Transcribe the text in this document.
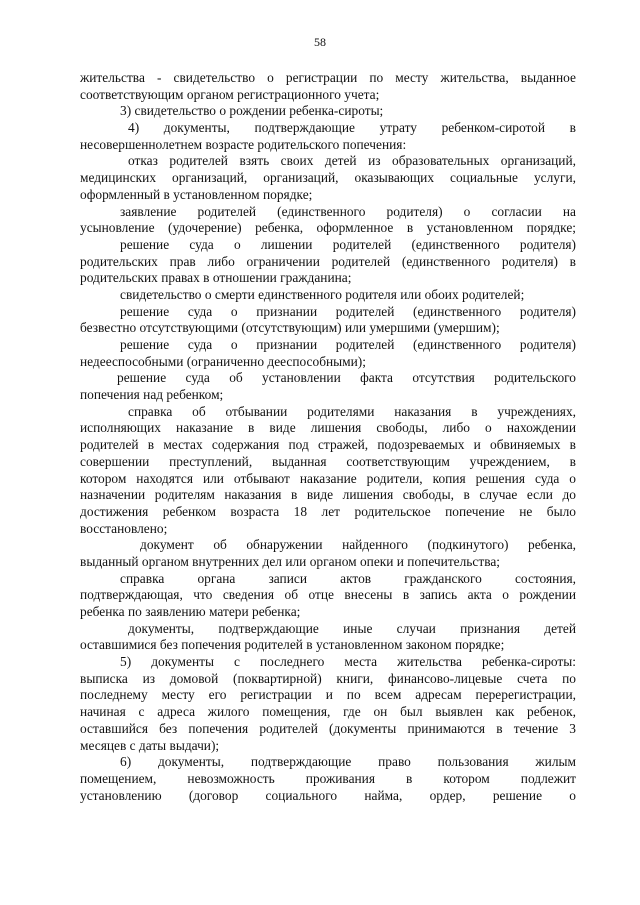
58
жительства - свидетельство о регистрации по месту жительства, выданное
соответствующим органом регистрационного учета;
3) свидетельство о рождении ребенка-сироты;
4) документы, подтверждающие утрату ребенком-сиротой в
несовершеннолетнем возрасте родительского попечения:
отказ родителей взять своих детей из образовательных организаций,
медицинских организаций, организаций, оказывающих социальные услуги,
оформленный в установленном порядке;
заявление родителей (единственного родителя) о согласии на
усыновление (удочерение) ребенка, оформленное в установленном порядке;
решение суда о лишении родителей (единственного родителя)
родительских прав либо ограничении родителей (единственного родителя) в
родительских правах в отношении гражданина;
свидетельство о смерти единственного родителя или обоих родителей;
решение суда о признании родителей (единственного родителя)
безвестно отсутствующими (отсутствующим) или умершими (умершим);
решение суда о признании родителей (единственного родителя)
недееспособными (ограниченно дееспособными);
решение суда об установлении факта отсутствия родительского
попечения над ребенком;
справка об отбывании родителями наказания в учреждениях,
исполняющих наказание в виде лишения свободы, либо о нахождении
родителей в местах содержания под стражей, подозреваемых и обвиняемых в
совершении преступлений, выданная соответствующим учреждением, в
котором находятся или отбывают наказание родители, копия решения суда о
назначении родителям наказания в виде лишения свободы, в случае если до
достижения ребенком возраста 18 лет родительское попечение не было
восстановлено;
документ об обнаружении найденного (подкинутого) ребенка,
выданный органом внутренних дел или органом опеки и попечительства;
справка органа записи актов гражданского состояния,
подтверждающая, что сведения об отце внесены в запись акта о рождении
ребенка по заявлению матери ребенка;
документы, подтверждающие иные случаи признания детей
оставшимися без попечения родителей в установленном законом порядке;
5) документы с последнего места жительства ребенка-сироты:
выписка из домовой (поквартирной) книги, финансово-лицевые счета по
последнему месту его регистрации и по всем адресам перерегистрации,
начиная с адреса жилого помещения, где он был выявлен как ребенок,
оставшийся без попечения родителей (документы принимаются в течение 3
месяцев с даты выдачи);
6) документы, подтверждающие право пользования жилым
помещением, невозможность проживания в котором подлежит
установлению (договор социального найма, ордер, решение о
